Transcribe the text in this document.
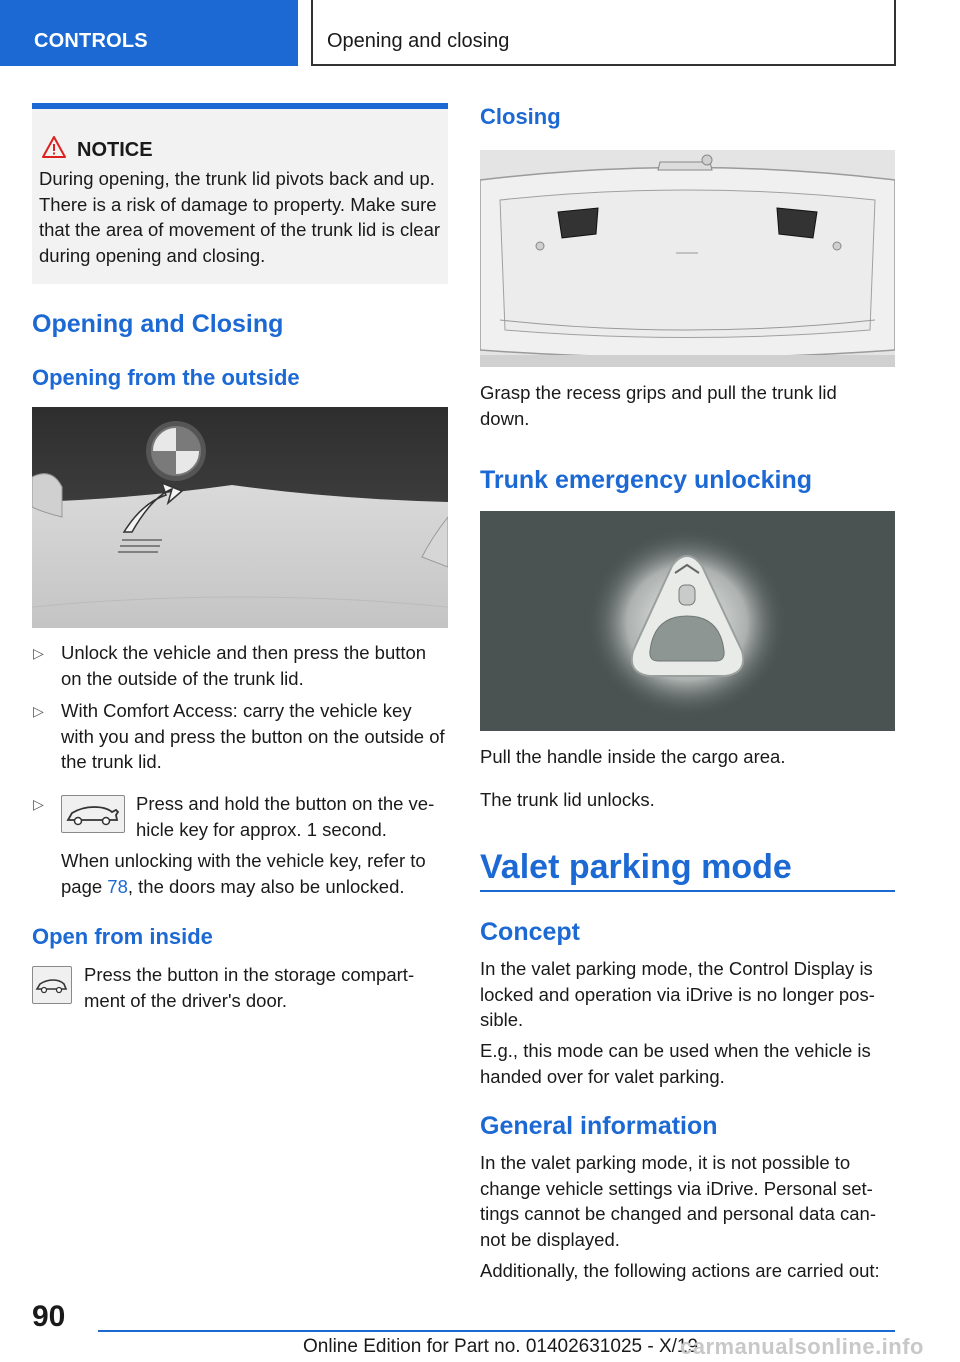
CONTROLS	Opening and closing
NOTICE
During opening, the trunk lid pivots back and up. There is a risk of damage to property. Make sure that the area of movement of the trunk lid is clear during opening and closing.
Opening and Closing
Opening from the outside
▷ Unlock the vehicle and then press the button on the outside of the trunk lid.
▷ With Comfort Access: carry the vehicle key with you and press the button on the outside of the trunk lid.
▷	Press and hold the button on the vehicle key for approx. 1 second.
When unlocking with the vehicle key, refer to page 78, the doors may also be unlocked.
Open from inside
Press the button in the storage compartment of the driver's door.
Closing
Grasp the recess grips and pull the trunk lid down.
Trunk emergency unlocking
Pull the handle inside the cargo area.
The trunk lid unlocks.
Valet parking mode
Concept
In the valet parking mode, the Control Display is locked and operation via iDrive is no longer possible.
E.g., this mode can be used when the vehicle is handed over for valet parking.
General information
In the valet parking mode, it is not possible to change vehicle settings via iDrive. Personal settings cannot be changed and personal data cannot be displayed.
Additionally, the following actions are carried out:
90
Online Edition for Part no. 01402631025 - X/19
carmanualsonline.info
